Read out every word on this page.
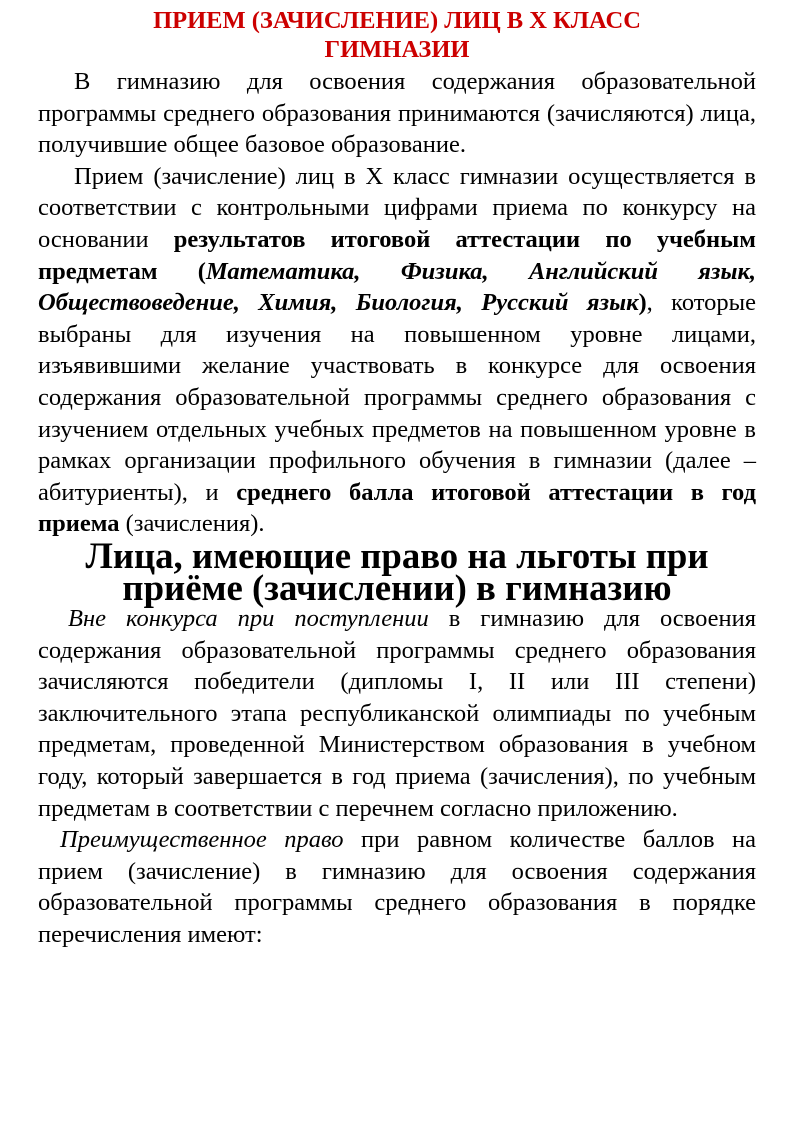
ПРИЕМ (ЗАЧИСЛЕНИЕ) ЛИЦ В X КЛАСС ГИМНАЗИИ

В гимназию для освоения содержания образовательной программы среднего образования принимаются (зачисляются) лица, получившие общее базовое образование.

Прием (зачисление) лиц в X класс гимназии осуществляется в соответствии с контрольными цифрами приема по конкурсу на основании результатов итоговой аттестации по учебным предметам (Математика, Физика, Английский язык, Обществоведение, Химия, Биология, Русский язык), которые выбраны для изучения на повышенном уровне лицами, изъявившими желание участвовать в конкурсе для освоения содержания образовательной программы среднего образования с изучением отдельных учебных предметов на повышенном уровне в рамках организации профильного обучения в гимназии (далее – абитуриенты), и среднего балла итоговой аттестации в год приема (зачисления).

Лица, имеющие право на льготы при приёме (зачислении) в гимназию

Вне конкурса при поступлении в гимназию для освоения содержания образовательной программы среднего образования зачисляются победители (дипломы I, II или III степени) заключительного этапа республиканской олимпиады по учебным предметам, проведенной Министерством образования в учебном году, который завершается в год приема (зачисления), по учебным предметам в соответствии с перечнем согласно приложению.

Преимущественное право при равном количестве баллов на прием (зачисление) в гимназию для освоения содержания образовательной программы среднего образования в порядке перечисления имеют:
